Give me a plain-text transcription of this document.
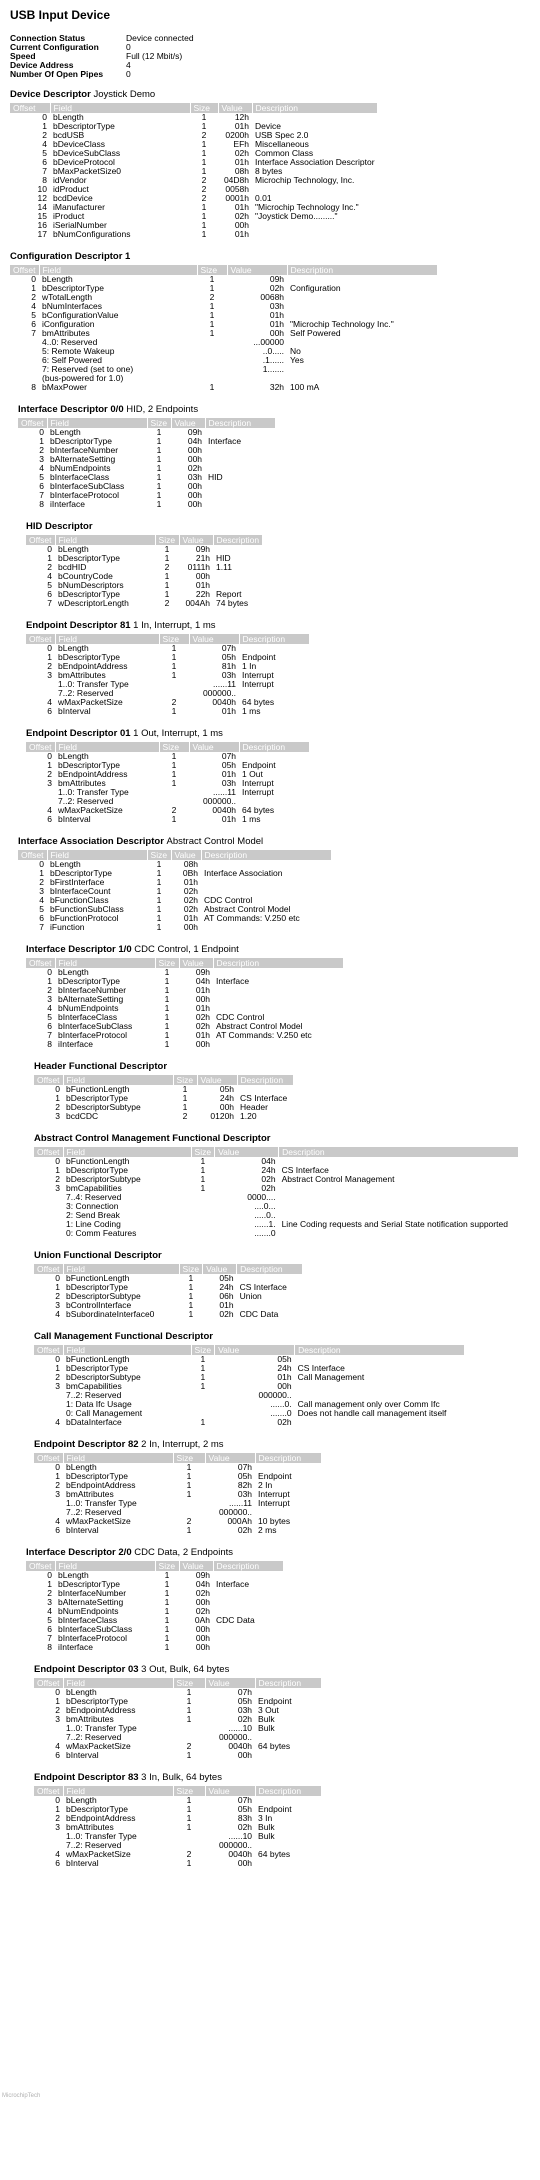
USB Input Device
Connection Status	Device connected
Current Configuration	0
Speed	Full (12 Mbit/s)
Device Address	4
Number Of Open Pipes	0
Device Descriptor Joystick Demo
Offset	Field	Size	Value	Description
0	bLength	1	12h	
1	bDescriptorType	1	01h	Device
2	bcdUSB	2	0200h	USB Spec 2.0
4	bDeviceClass	1	EFh	Miscellaneous
5	bDeviceSubClass	1	02h	Common Class
6	bDeviceProtocol	1	01h	Interface Association Descriptor
7	bMaxPacketSize0	1	08h	8 bytes
8	idVendor	2	04D8h	Microchip Technology, Inc.
10	idProduct	2	0058h	
12	bcdDevice	2	0001h	0.01
14	iManufacturer	1	01h	"Microchip Technology Inc."
15	iProduct	1	02h	"Joystick Demo........."
16	iSerialNumber	1	00h	
17	bNumConfigurations	1	01h	
Configuration Descriptor 1
Offset	Field	Size	Value	Description
0	bLength	1	09h	
1	bDescriptorType	1	02h	Configuration
2	wTotalLength	2	0068h	
4	bNumInterfaces	1	03h	
5	bConfigurationValue	1	01h	
6	iConfiguration	1	01h	"Microchip Technology Inc."
7	bmAttributes	1	00h	Self Powered
	4..0: Reserved		...00000	
	5: Remote Wakeup		..0.....	No
	6: Self Powered		.1......	Yes
	7: Reserved (set to one)		1.......	
	(bus-powered for 1.0)			
8	bMaxPower	1	32h	100 mA
Interface Descriptor 0/0 HID, 2 Endpoints
Offset	Field	Size	Value	Description
0	bLength	1	09h	
1	bDescriptorType	1	04h	Interface
2	bInterfaceNumber	1	00h	
3	bAlternateSetting	1	00h	
4	bNumEndpoints	1	02h	
5	bInterfaceClass	1	03h	HID
6	bInterfaceSubClass	1	00h	
7	bInterfaceProtocol	1	00h	
8	iInterface	1	00h	
HID Descriptor
Offset	Field	Size	Value	Description
0	bLength	1	09h	
1	bDescriptorType	1	21h	HID
2	bcdHID	2	0111h	1.11
4	bCountryCode	1	00h	
5	bNumDescriptors	1	01h	
6	bDescriptorType	1	22h	Report
7	wDescriptorLength	2	004Ah	74 bytes
Endpoint Descriptor 81 1 In, Interrupt, 1 ms
Offset	Field	Size	Value	Description
0	bLength	1	07h	
1	bDescriptorType	1	05h	Endpoint
2	bEndpointAddress	1	81h	1 In
3	bmAttributes	1	03h	Interrupt
	1..0: Transfer Type		......11	Interrupt
	7..2: Reserved		000000..	
4	wMaxPacketSize	2	0040h	64 bytes
6	bInterval	1	01h	1 ms
Endpoint Descriptor 01 1 Out, Interrupt, 1 ms
Offset	Field	Size	Value	Description
0	bLength	1	07h	
1	bDescriptorType	1	05h	Endpoint
2	bEndpointAddress	1	01h	1 Out
3	bmAttributes	1	03h	Interrupt
	1..0: Transfer Type		......11	Interrupt
	7..2: Reserved		000000..	
4	wMaxPacketSize	2	0040h	64 bytes
6	bInterval	1	01h	1 ms
Interface Association Descriptor Abstract Control Model
Offset	Field	Size	Value	Description
0	bLength	1	08h	
1	bDescriptorType	1	0Bh	Interface Association
2	bFirstInterface	1	01h	
3	bInterfaceCount	1	02h	
4	bFunctionClass	1	02h	CDC Control
5	bFunctionSubClass	1	02h	Abstract Control Model
6	bFunctionProtocol	1	01h	AT Commands: V.250 etc
7	iFunction	1	00h	
Interface Descriptor 1/0 CDC Control, 1 Endpoint
Offset	Field	Size	Value	Description
0	bLength	1	09h	
1	bDescriptorType	1	04h	Interface
2	bInterfaceNumber	1	01h	
3	bAlternateSetting	1	00h	
4	bNumEndpoints	1	01h	
5	bInterfaceClass	1	02h	CDC Control
6	bInterfaceSubClass	1	02h	Abstract Control Model
7	bInterfaceProtocol	1	01h	AT Commands: V.250 etc
8	iInterface	1	00h	
Header Functional Descriptor
Offset	Field	Size	Value	Description
0	bFunctionLength	1	05h	
1	bDescriptorType	1	24h	CS Interface
2	bDescriptorSubtype	1	00h	Header
3	bcdCDC	2	0120h	1.20
Abstract Control Management Functional Descriptor
Offset	Field	Size	Value	Description
0	bFunctionLength	1	04h	
1	bDescriptorType	1	24h	CS Interface
2	bDescriptorSubtype	1	02h	Abstract Control Management
3	bmCapabilities	1	02h	
	7..4: Reserved		0000....	
	3: Connection		....0...	
	2: Send Break		.....0..	
	1: Line Coding		......1.	Line Coding requests and Serial State notification supported
	0: Comm Features		.......0	
Union Functional Descriptor
Offset	Field	Size	Value	Description
0	bFunctionLength	1	05h	
1	bDescriptorType	1	24h	CS Interface
2	bDescriptorSubtype	1	06h	Union
3	bControlInterface	1	01h	
4	bSubordinateInterface0	1	02h	CDC Data
Call Management Functional Descriptor
Offset	Field	Size	Value	Description
0	bFunctionLength	1	05h	
1	bDescriptorType	1	24h	CS Interface
2	bDescriptorSubtype	1	01h	Call Management
3	bmCapabilities	1	00h	
	7..2: Reserved		000000..	
	1: Data Ifc Usage		......0.	Call management only over Comm Ifc
	0: Call Management		.......0	Does not handle call management itself
4	bDataInterface	1	02h	
Endpoint Descriptor 82 2 In, Interrupt, 2 ms
Offset	Field	Size	Value	Description
0	bLength	1	07h	
1	bDescriptorType	1	05h	Endpoint
2	bEndpointAddress	1	82h	2 In
3	bmAttributes	1	03h	Interrupt
	1..0: Transfer Type		......11	Interrupt
	7..2: Reserved		000000..	
4	wMaxPacketSize	2	000Ah	10 bytes
6	bInterval	1	02h	2 ms
Interface Descriptor 2/0 CDC Data, 2 Endpoints
Offset	Field	Size	Value	Description
0	bLength	1	09h	
1	bDescriptorType	1	04h	Interface
2	bInterfaceNumber	1	02h	
3	bAlternateSetting	1	00h	
4	bNumEndpoints	1	02h	
5	bInterfaceClass	1	0Ah	CDC Data
6	bInterfaceSubClass	1	00h	
7	bInterfaceProtocol	1	00h	
8	iInterface	1	00h	
Endpoint Descriptor 03 3 Out, Bulk, 64 bytes
Offset	Field	Size	Value	Description
0	bLength	1	07h	
1	bDescriptorType	1	05h	Endpoint
2	bEndpointAddress	1	03h	3 Out
3	bmAttributes	1	02h	Bulk
	1..0: Transfer Type		......10	Bulk
	7..2: Reserved		000000..	
4	wMaxPacketSize	2	0040h	64 bytes
6	bInterval	1	00h	
Endpoint Descriptor 83 3 In, Bulk, 64 bytes
Offset	Field	Size	Value	Description
0	bLength	1	07h	
1	bDescriptorType	1	05h	Endpoint
2	bEndpointAddress	1	83h	3 In
3	bmAttributes	1	02h	Bulk
	1..0: Transfer Type		......10	Bulk
	7..2: Reserved		000000..	
4	wMaxPacketSize	2	0040h	64 bytes
6	bInterval	1	00h	
MicrochipTech
